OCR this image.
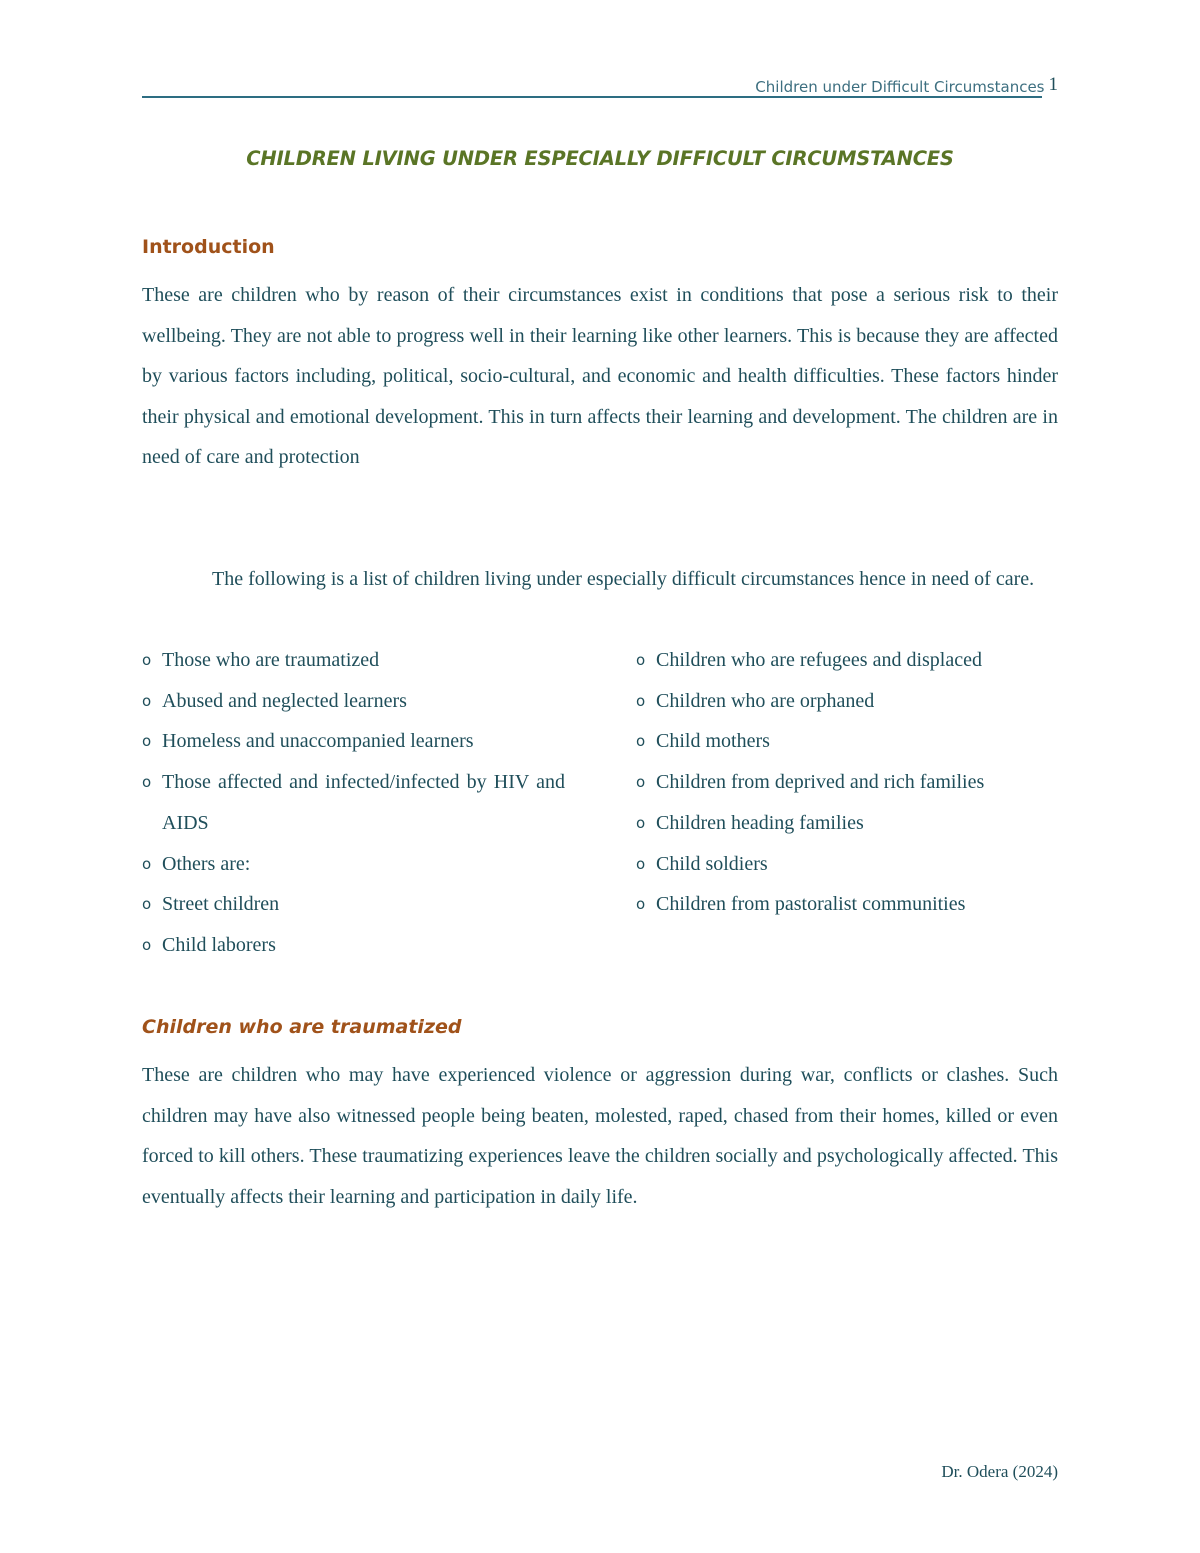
Children under Difficult Circumstances 1
CHILDREN LIVING UNDER ESPECIALLY DIFFICULT CIRCUMSTANCES
Introduction

These are children who by reason of their circumstances exist in conditions that pose a serious risk to their wellbeing. They are not able to progress well in their learning like other learners. This is because they are affected by various factors including, political, socio-cultural, and economic and health difficulties. These factors hinder their physical and emotional development. This in turn affects their learning and development. The children are in need of care and protection

The following is a list of children living under especially difficult circumstances hence in need of care.

o Those who are traumatized
o Abused and neglected learners
o Homeless and unaccompanied learners
o Those affected and infected/infected by HIV and AIDS
o Others are:
o Street children
o Child laborers
o Children who are refugees and displaced
o Children who are orphaned
o Child mothers
o Children from deprived and rich families
o Children heading families
o Child soldiers
o Children from pastoralist communities
Children who are traumatized

These are children who may have experienced violence or aggression during war, conflicts or clashes. Such children may have also witnessed people being beaten, molested, raped, chased from their homes, killed or even forced to kill others. These traumatizing experiences leave the children socially and psychologically affected. This eventually affects their learning and participation in daily life.

Dr. Odera (2024)
